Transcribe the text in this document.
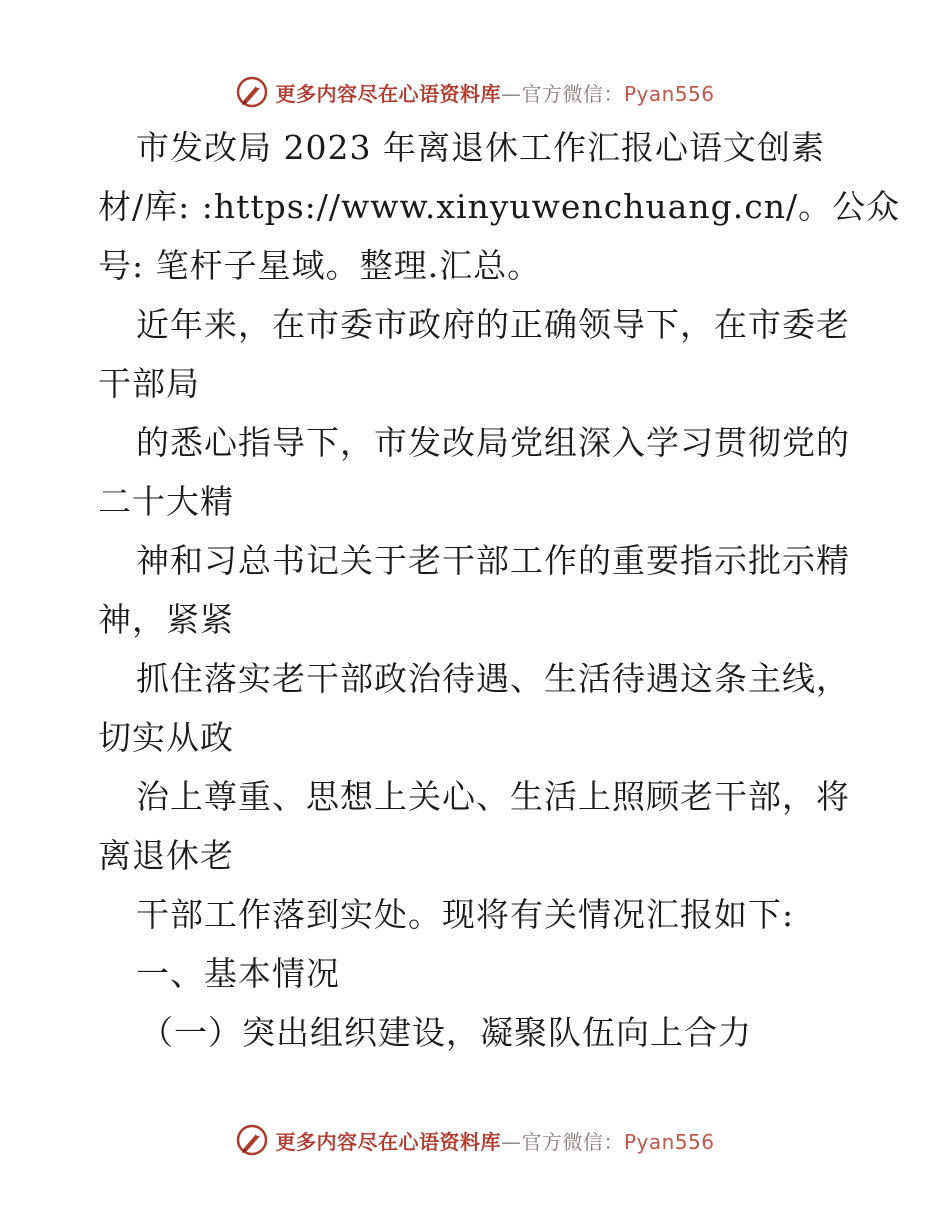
更多内容尽在心语资料库—官方微信：Pyan556
市发改局 2023 年离退休工作汇报心语文创素
材/库: :https://www.xinyuwenchuang.cn/。公众
号: 笔杆子星域。整理.汇总。
近年来，在市委市政府的正确领导下，在市委老
干部局
的悉心指导下，市发改局党组深入学习贯彻党的
二十大精
神和习总书记关于老干部工作的重要指示批示精
神，紧紧
抓住落实老干部政治待遇、生活待遇这条主线，
切实从政
治上尊重、思想上关心、生活上照顾老干部，将
离退休老
干部工作落到实处。现将有关情况汇报如下:
一、基本情况
（一）突出组织建设，凝聚队伍向上合力
更多内容尽在心语资料库—官方微信：Pyan556
